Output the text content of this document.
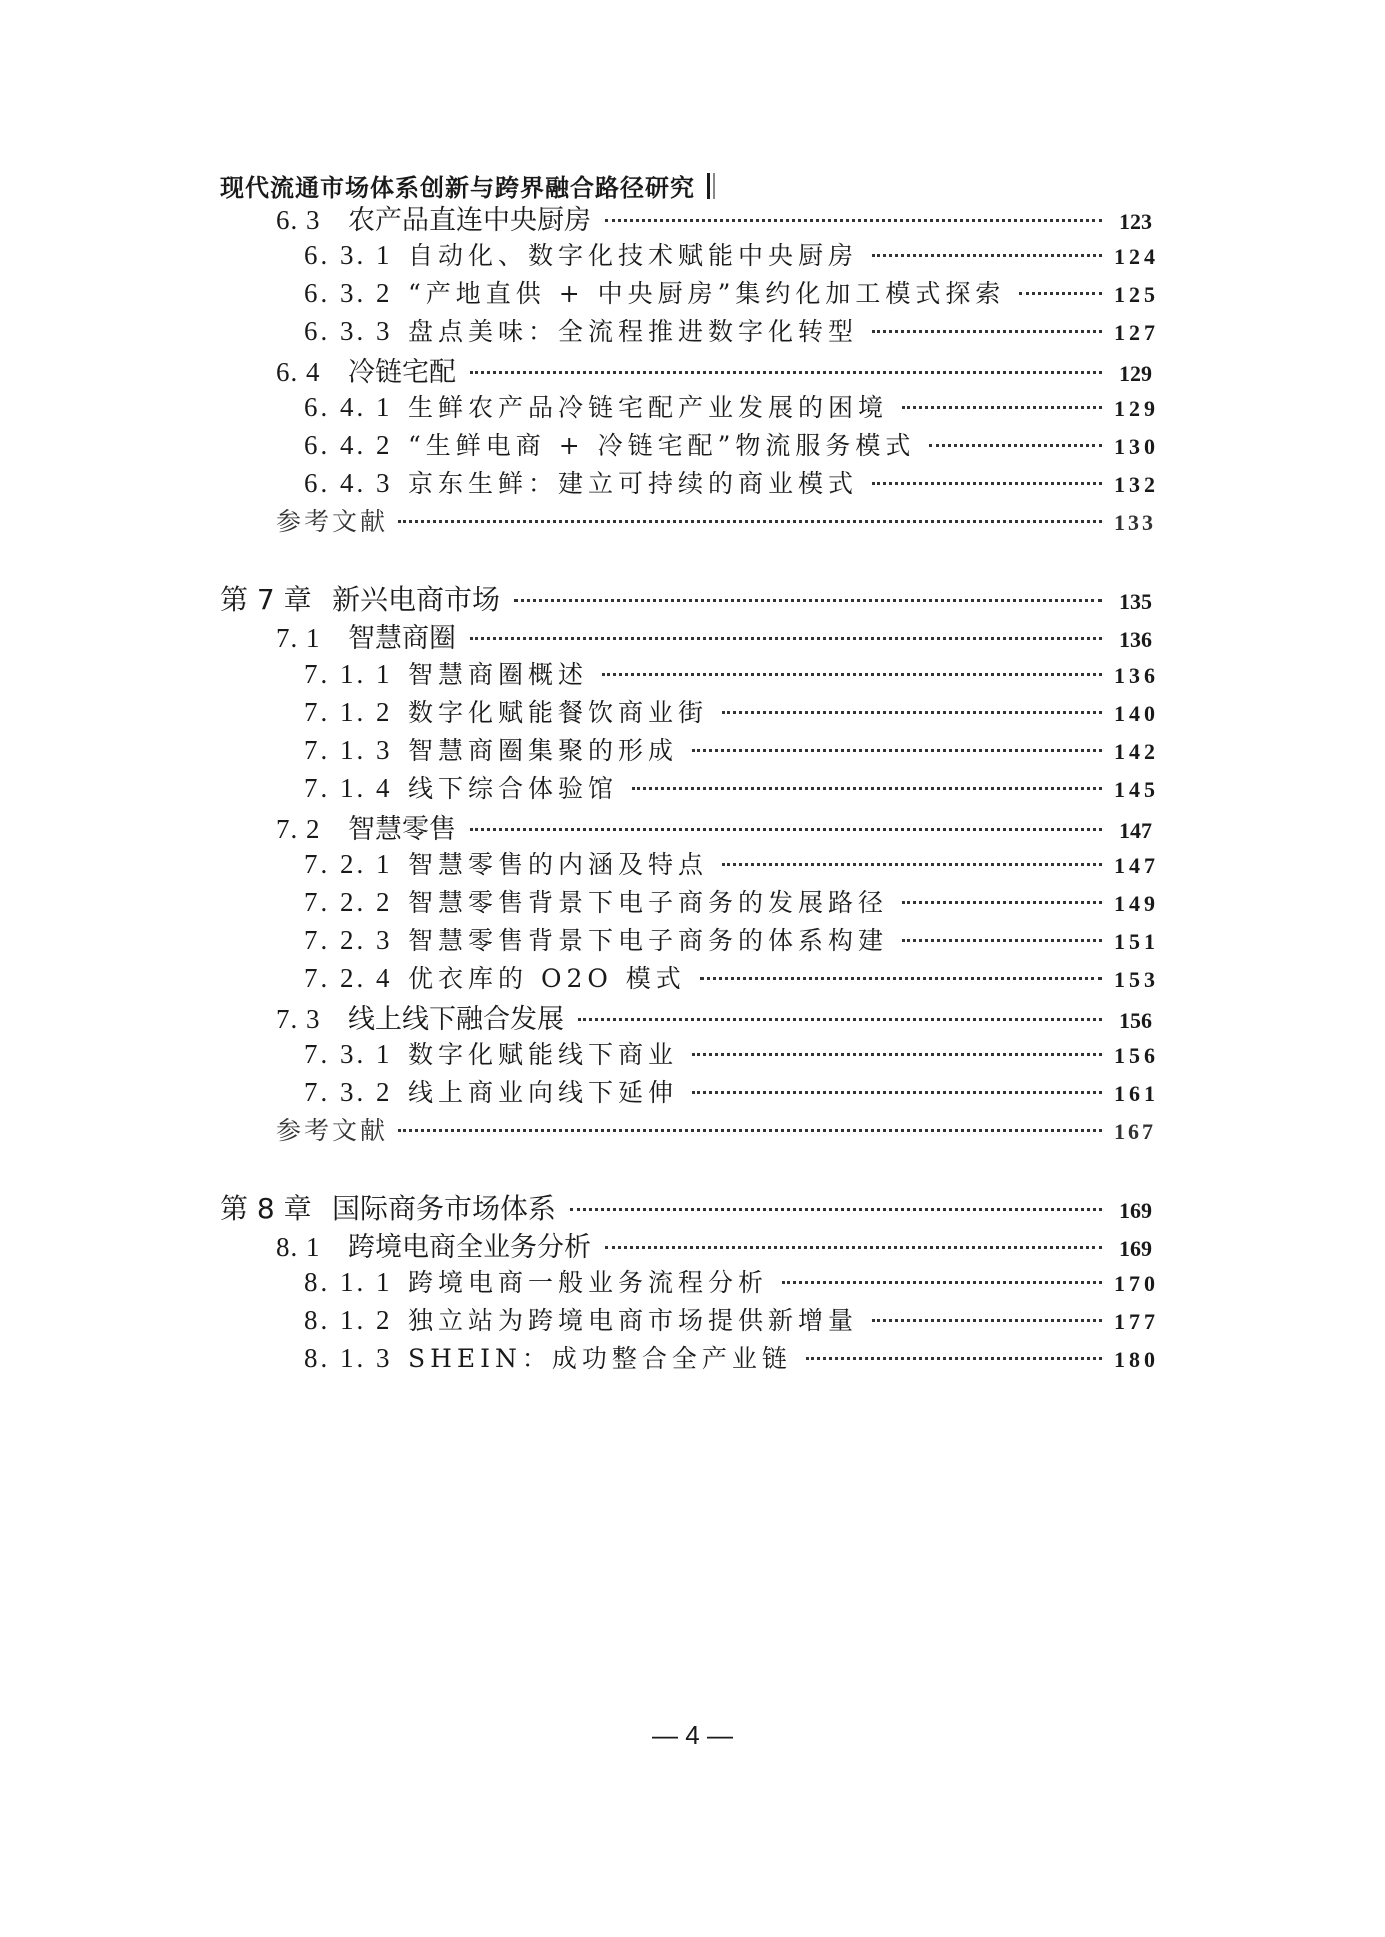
现代流通市场体系创新与跨界融合路径研究
6. 3	农产品直连中央厨房	123
6. 3. 1 自动化、数字化技术赋能中央厨房	124
6. 3. 2 “产地直供 + 中央厨房”集约化加工模式探索	125
6. 3. 3 盘点美味：全流程推进数字化转型	127
6. 4	冷链宅配	129
6. 4. 1 生鲜农产品冷链宅配产业发展的困境	129
6. 4. 2 “生鲜电商 + 冷链宅配”物流服务模式	130
6. 4. 3 京东生鲜：建立可持续的商业模式	132
参考文献	133
第 7 章 新兴电商市场	135
7. 1	智慧商圈	136
7. 1. 1 智慧商圈概述	136
7. 1. 2 数字化赋能餐饮商业街	140
7. 1. 3 智慧商圈集聚的形成	142
7. 1. 4 线下综合体验馆	145
7. 2	智慧零售	147
7. 2. 1 智慧零售的内涵及特点	147
7. 2. 2 智慧零售背景下电子商务的发展路径	149
7. 2. 3 智慧零售背景下电子商务的体系构建	151
7. 2. 4 优衣库的 O2O 模式	153
7. 3	线上线下融合发展	156
7. 3. 1 数字化赋能线下商业	156
7. 3. 2 线上商业向线下延伸	161
参考文献	167
第 8 章 国际商务市场体系	169
8. 1	跨境电商全业务分析	169
8. 1. 1 跨境电商一般业务流程分析	170
8. 1. 2 独立站为跨境电商市场提供新增量	177
8. 1. 3 SHEIN：成功整合全产业链	180
— 4 —
